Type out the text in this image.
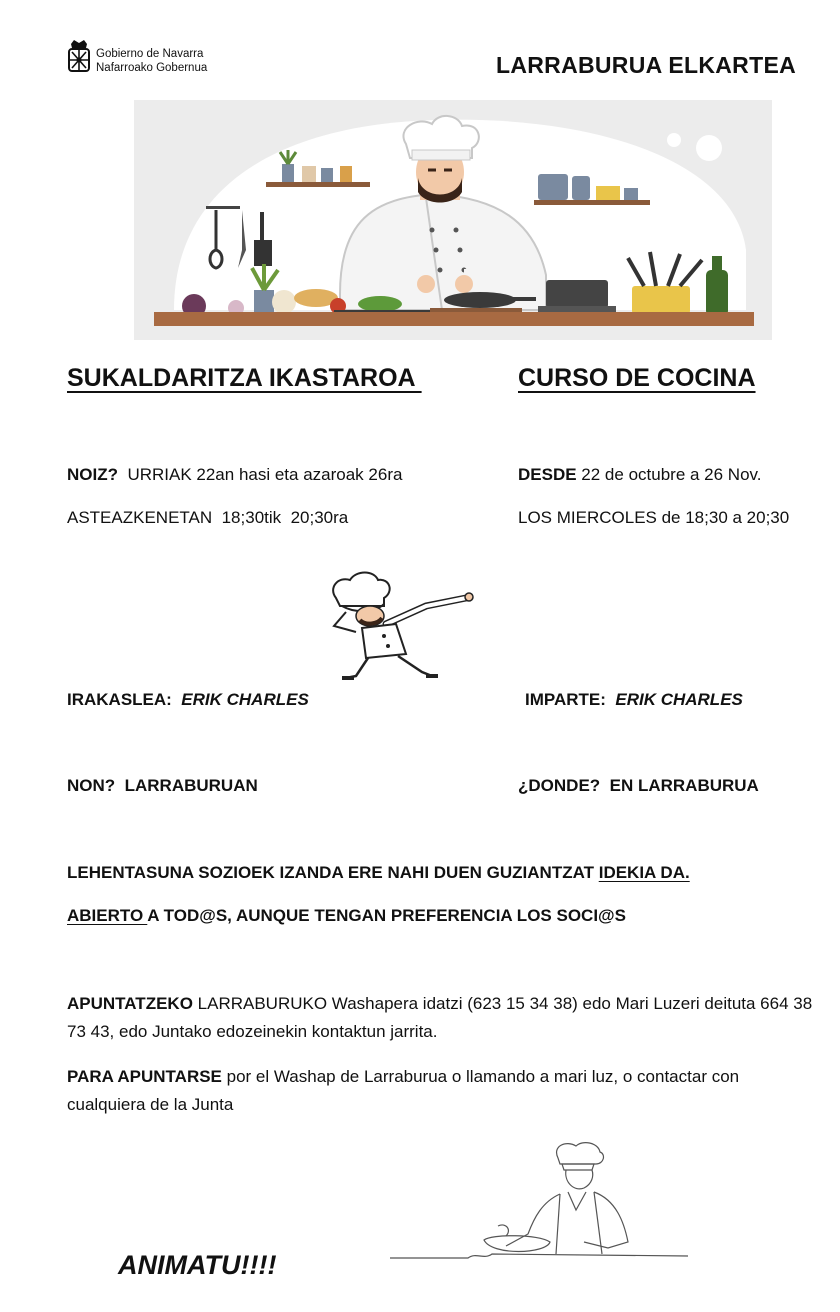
Gobierno de Navarra
Nafarroako Gobernua	LARRABURUA ELKARTEA
SUKALDARITZA IKASTAROA	CURSO DE COCINA
NOIZ?  URRIAK 22an hasi eta azaroak 26ra	DESDE 22 de octubre a 26 Nov.
ASTEAZKENETAN  18;30tik  20;30ra	LOS MIERCOLES de 18;30 a 20;30
IRAKASLEA:  ERIK CHARLES	IMPARTE:  ERIK CHARLES
NON?  LARRABURUAN	¿DONDE?  EN LARRABURUA
LEHENTASUNA SOZIOEK IZANDA ERE NAHI DUEN GUZIANTZAT IDEKIA DA.
ABIERTO A TOD@S, AUNQUE TENGAN PREFERENCIA LOS SOCI@S
APUNTATZEKO LARRABURUKO Washapera idatzi (623 15 34 38) edo Mari Luzeri deituta 664 38 73 43, edo Juntako edozeinekin kontaktun jarrita.
PARA APUNTARSE por el Washap de Larraburua o llamando a mari luz, o contactar con cualquiera de la Junta
ANIMATU!!!!
